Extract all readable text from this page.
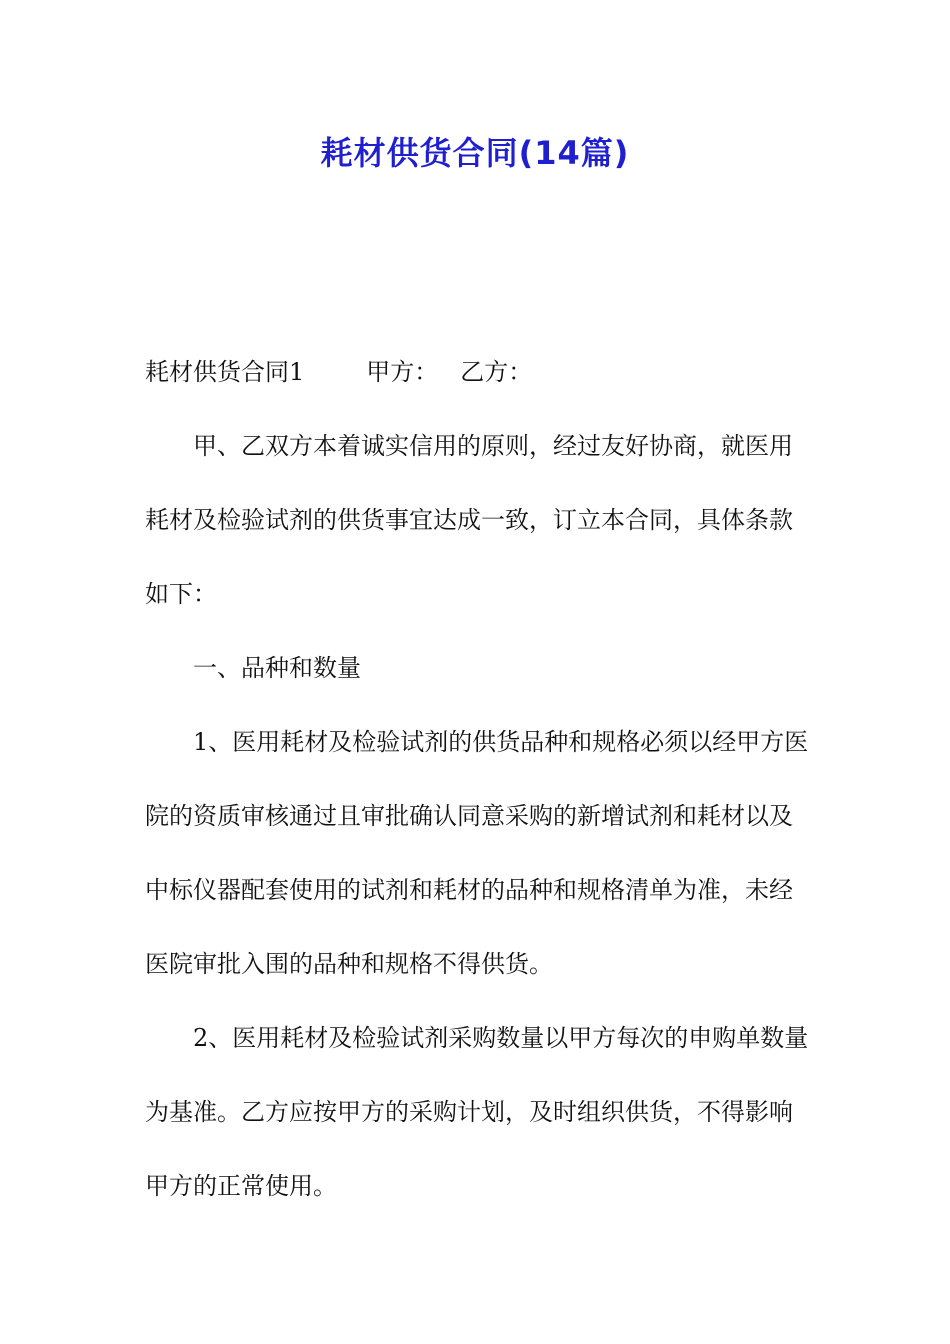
耗材供货合同(14篇)

耗材供货合同1	甲方： 乙方：

甲、乙双方本着诚实信用的原则，经过友好协商，就医用
耗材及检验试剂的供货事宜达成一致，订立本合同，具体条款
如下：

一、品种和数量

1、医用耗材及检验试剂的供货品种和规格必须以经甲方医
院的资质审核通过且审批确认同意采购的新增试剂和耗材以及
中标仪器配套使用的试剂和耗材的品种和规格清单为准，未经
医院审批入围的品种和规格不得供货。

2、医用耗材及检验试剂采购数量以甲方每次的申购单数量
为基准。乙方应按甲方的采购计划，及时组织供货，不得影响
甲方的正常使用。
